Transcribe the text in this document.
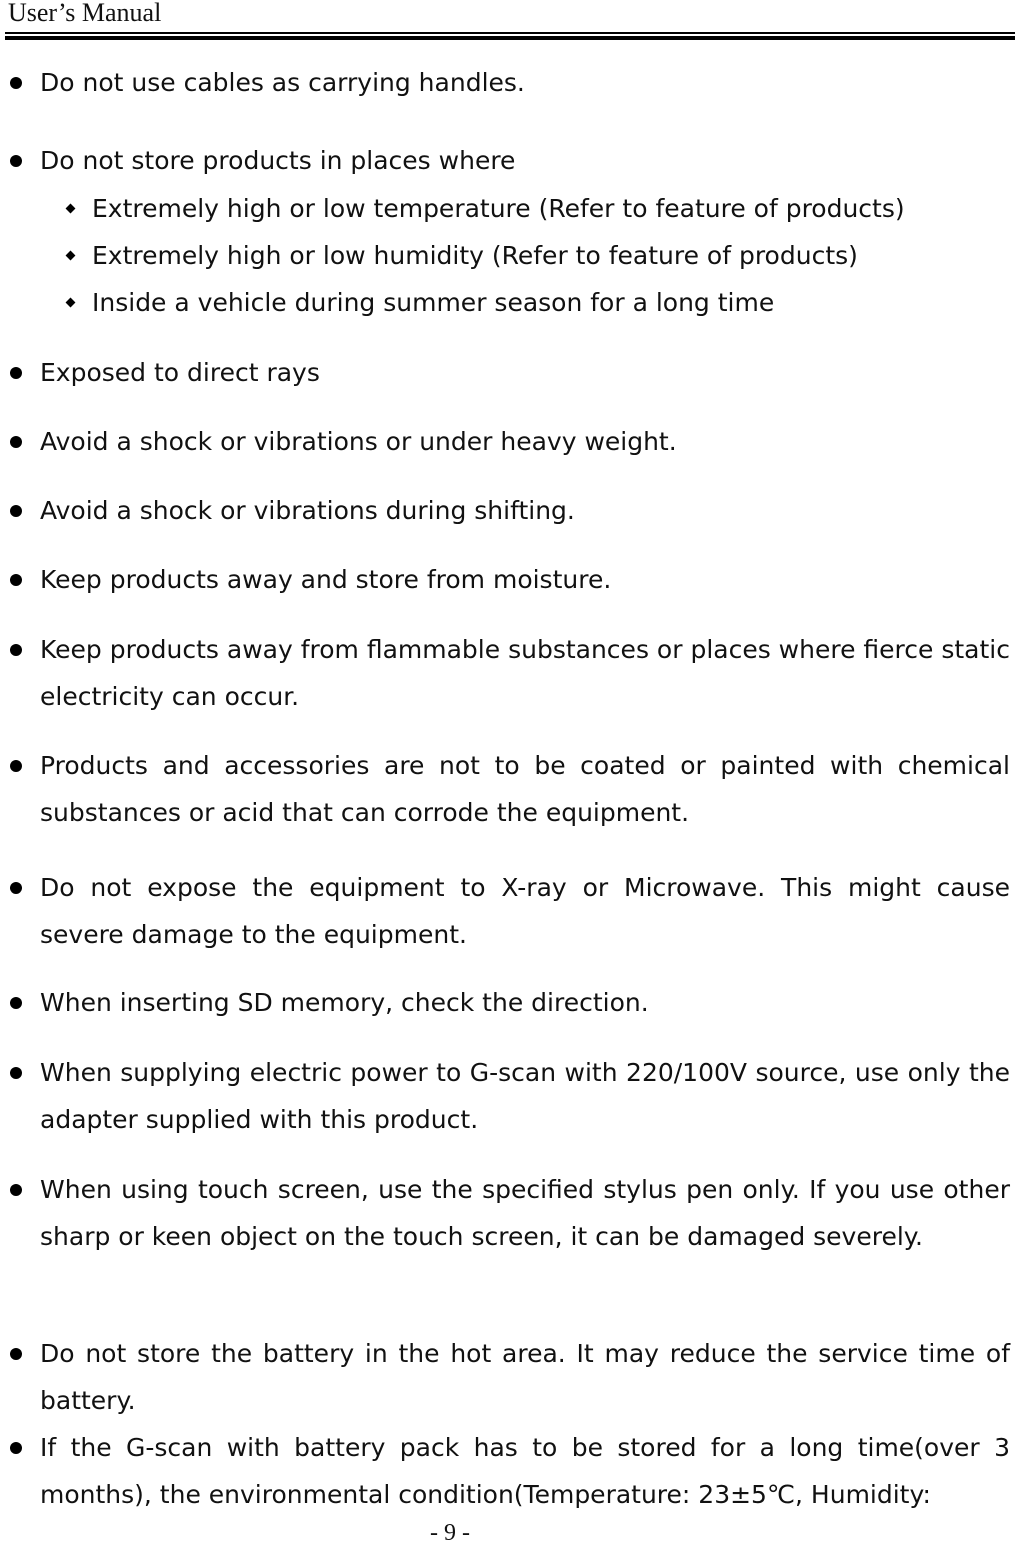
User’s Manual
Do not use cables as carrying handles.
Do not store products in places where
Extremely high or low temperature (Refer to feature of products)
Extremely high or low humidity (Refer to feature of products)
Inside a vehicle during summer season for a long time
Exposed to direct rays
Avoid a shock or vibrations or under heavy weight.
Avoid a shock or vibrations during shifting.
Keep products away and store from moisture.
Keep products away from flammable substances or places where fierce static electricity can occur.
Products and accessories are not to be coated or painted with chemical substances or acid that can corrode the equipment.
Do not expose the equipment to X-ray or Microwave. This might cause severe damage to the equipment.
When inserting SD memory, check the direction.
When supplying electric power to G-scan with 220/100V source, use only the adapter supplied with this product.
When using touch screen, use the specified stylus pen only. If you use other sharp or keen object on the touch screen, it can be damaged severely.
Do not store the battery in the hot area. It may reduce the service time of battery.
If the G-scan with battery pack has to be stored for a long time(over 3 months), the environmental condition(Temperature: 23±5℃, Humidity:
- 9 -
